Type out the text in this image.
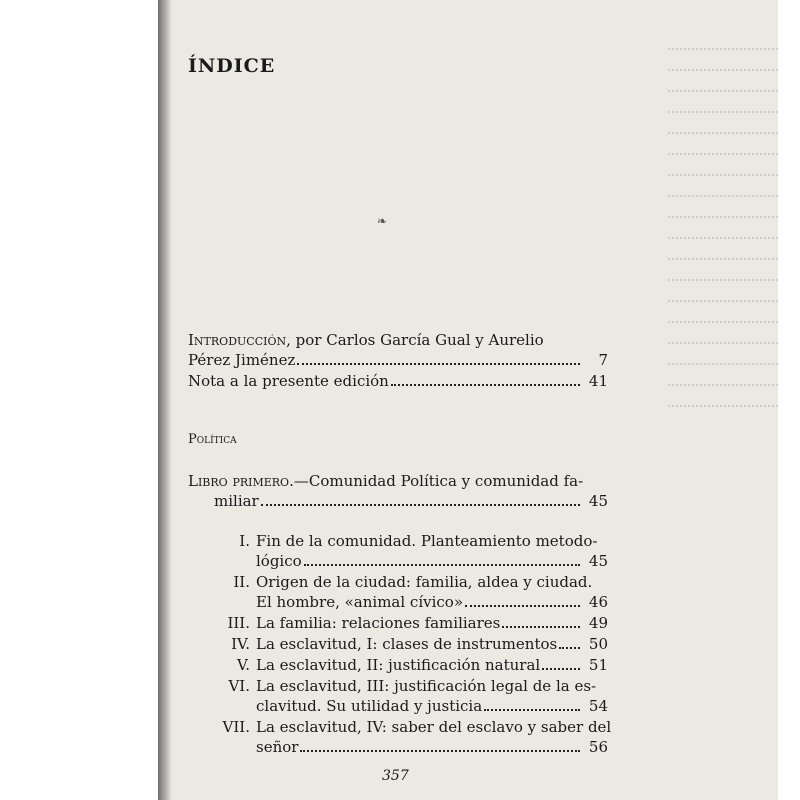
ÍNDICE
❧
Introducción, por Carlos García Gual y Aurelio
Pérez Jiménez	7
Nota a la presente edición	41
Política
Libro primero.—Comunidad Política y comunidad fa-
miliar	45
I. Fin de la comunidad. Planteamiento metodo-
lógico	45
II. Origen de la ciudad: familia, aldea y ciudad.
El hombre, «animal cívico»	46
III. La familia: relaciones familiares	49
IV. La esclavitud, I: clases de instrumentos	50
V. La esclavitud, II: justificación natural	51
VI. La esclavitud, III: justificación legal de la es-
clavitud. Su utilidad y justicia	54
VII. La esclavitud, IV: saber del esclavo y saber del
señor	56
357
